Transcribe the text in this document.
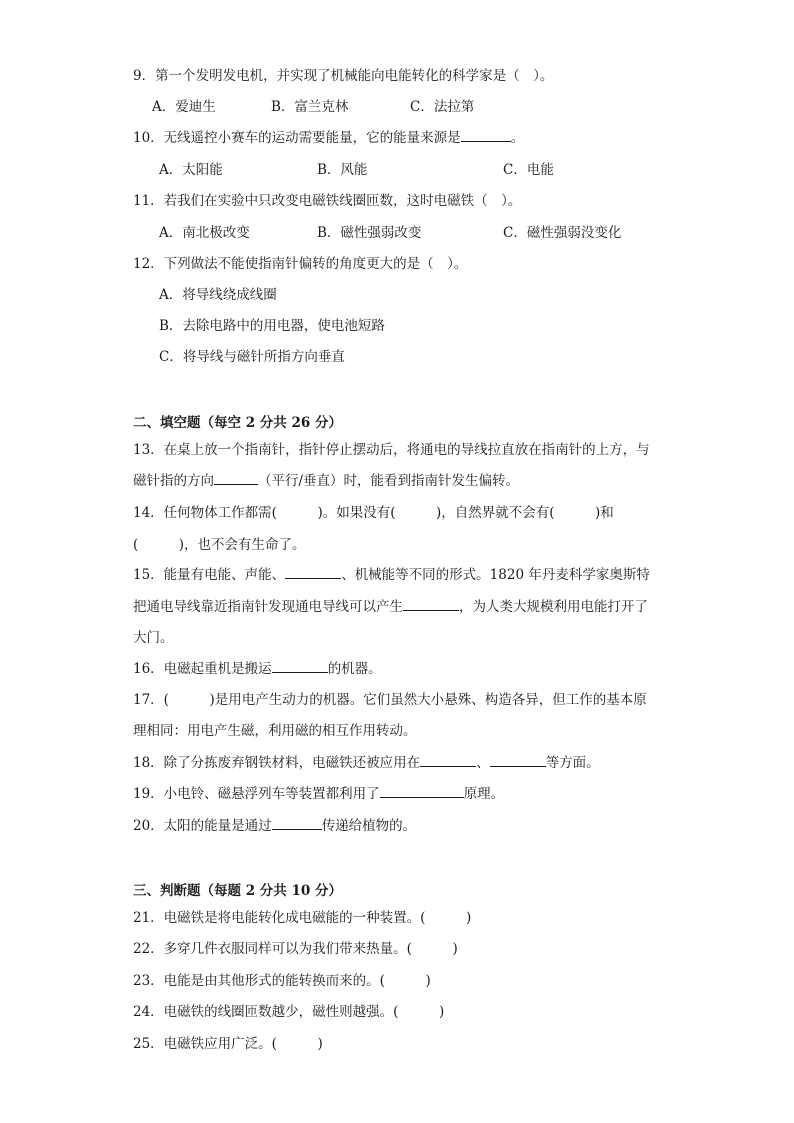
9．第一个发明发电机，并实现了机械能向电能转化的科学家是（　）。
A．爱迪生	B．富兰克林	C．法拉第
10．无线遥控小赛车的运动需要能量，它的能量来源是	。
A．太阳能	B．风能	C．电能
11．若我们在实验中只改变电磁铁线圈匝数，这时电磁铁（　）。
A．南北极改变	B．磁性强弱改变	C．磁性强弱没变化
12．下列做法不能使指南针偏转的角度更大的是（　）。
A．将导线绕成线圈
B．去除电路中的用电器，使电池短路
C．将导线与磁针所指方向垂直
二、填空题（每空 2 分共 26 分）
13．在桌上放一个指南针，指针停止摆动后，将通电的导线拉直放在指南针的上方，与
磁针指的方向	（平行/垂直）时，能看到指南针发生偏转。
14．任何物体工作都需(　　　)。如果没有(　　　)，自然界就不会有(　　　)和
(　　　)，也不会有生命了。
15．能量有电能、声能、	、机械能等不同的形式。1820 年丹麦科学家奥斯特
把通电导线靠近指南针发现通电导线可以产生	，为人类大规模利用电能打开了
大门。
16．电磁起重机是搬运	的机器。
17．(　　　)是用电产生动力的机器。它们虽然大小悬殊、构造各异，但工作的基本原
理相同：用电产生磁，利用磁的相互作用转动。
18．除了分拣废弃钢铁材料，电磁铁还被应用在	、	等方面。
19．小电铃、磁悬浮列车等装置都利用了	原理。
20．太阳的能量是通过	传递给植物的。
三、判断题（每题 2 分共 10 分）
21．电磁铁是将电能转化成电磁能的一种装置。(　　　)
22．多穿几件衣服同样可以为我们带来热量。(　　　)
23．电能是由其他形式的能转换而来的。(　　　)
24．电磁铁的线圈匝数越少，磁性则越强。(　　　)
25．电磁铁应用广泛。(　　　)
